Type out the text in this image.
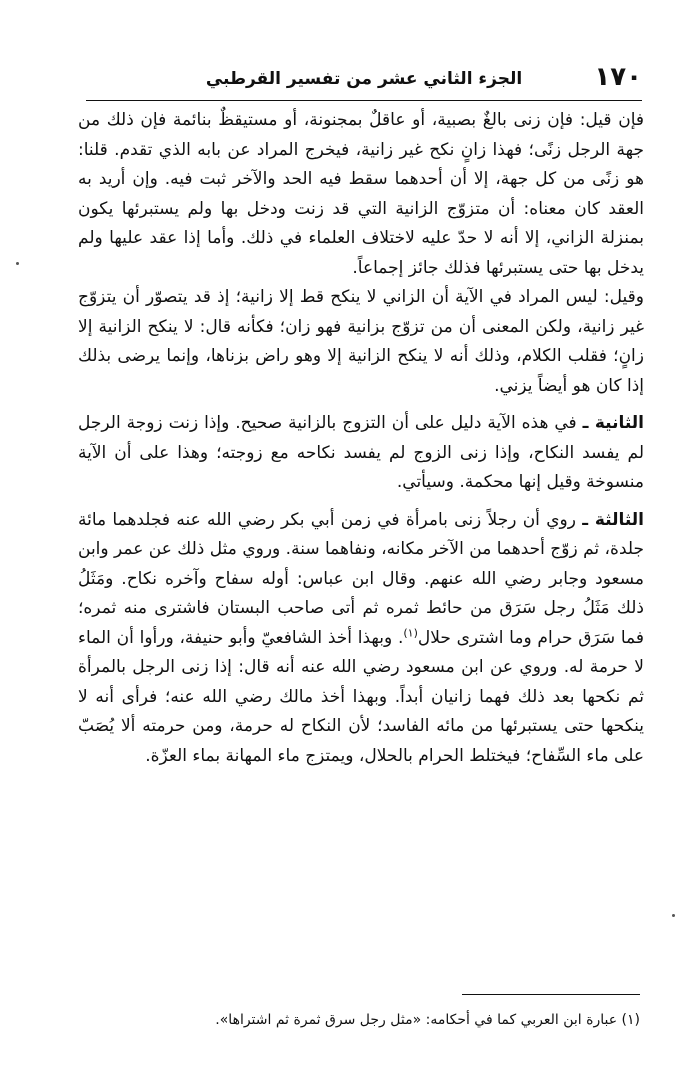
١٧٠
الجزء الثاني عشر من تفسير القرطبي

فإن قيل: فإن زنى بالغٌ بصبية، أو عاقلٌ بمجنونة، أو مستيقظٌ بنائمة فإن ذلك من جهة الرجل زنًى؛ فهذا زانٍ نكح غير زانية، فيخرج المراد عن بابه الذي تقدم. قلنا: هو زنًى من كل جهة، إلا أن أحدهما سقط فيه الحد والآخر ثبت فيه. وإن أريد به العقد كان معناه: أن متزوّج الزانية التي قد زنت ودخل بها ولم يستبرئها يكون بمنزلة الزاني، إلا أنه لا حدّ عليه لاختلاف العلماء في ذلك. وأما إذا عقد عليها ولم يدخل بها حتى يستبرئها فذلك جائز إجماعاً.

وقيل: ليس المراد في الآية أن الزاني لا ينكح قط إلا زانية؛ إذ قد يتصوّر أن يتزوّج غير زانية، ولكن المعنى أن من تزوّج بزانية فهو زان؛ فكأنه قال: لا ينكح الزانية إلا زانٍ؛ فقلب الكلام، وذلك أنه لا ينكح الزانية إلا وهو راض بزناها، وإنما يرضى بذلك إذا كان هو أيضاً يزني.

الثانية ـ في هذه الآية دليل على أن التزوج بالزانية صحيح. وإذا زنت زوجة الرجل لم يفسد النكاح، وإذا زنى الزوج لم يفسد نكاحه مع زوجته؛ وهذا على أن الآية منسوخة وقيل إنها محكمة. وسيأتي.

الثالثة ـ روي أن رجلاً زنى بامرأة في زمن أبي بكر رضي الله عنه فجلدهما مائة جلدة، ثم زوّج أحدهما من الآخر مكانه، ونفاهما سنة. وروي مثل ذلك عن عمر وابن مسعود وجابر رضي الله عنهم. وقال ابن عباس: أوله سفاح وآخره نكاح. ومَثَلُ ذلك مَثَلُ رجل سَرَق من حائط ثمره ثم أتى صاحب البستان فاشترى منه ثمره؛ فما سَرَق حرام وما اشترى حلال$^{(١)}$. وبهذا أخذ الشافعيّ وأبو حنيفة، ورأوا أن الماء لا حرمة له. وروي عن ابن مسعود رضي الله عنه أنه قال: إذا زنى الرجل بالمرأة ثم نكحها بعد ذلك فهما زانيان أبداً. وبهذا أخذ مالك رضي الله عنه؛ فرأى أنه لا ينكحها حتى يستبرئها من مائه الفاسد؛ لأن النكاح له حرمة، ومن حرمته ألا يُصَبّ على ماء السِّفاح؛ فيختلط الحرام بالحلال، ويمتزج ماء المهانة بماء العزّة.

(١) عبارة ابن العربي كما في أحكامه: «مثل رجل سرق ثمرة ثم اشتراها».
